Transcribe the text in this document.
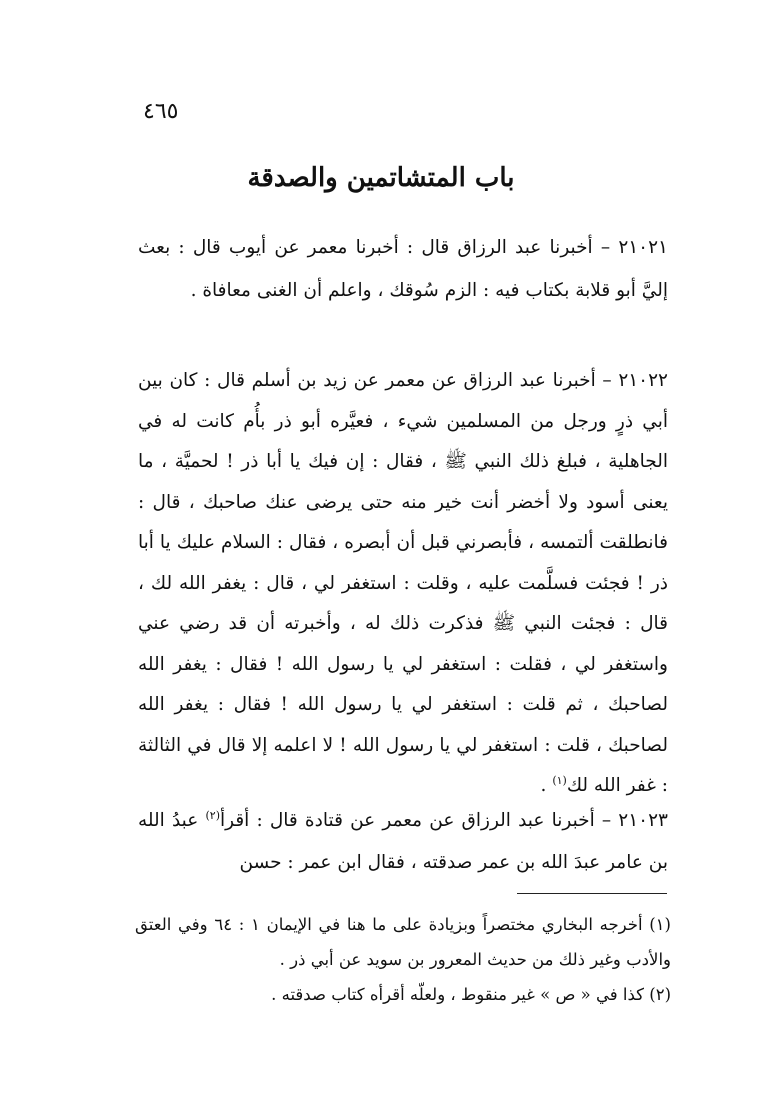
٤٦٥
باب المتشاتمين والصدقة

٢١٠٢١ – أخبرنا عبد الرزاق قال : أخبرنا معمر عن أيوب قال : بعث إليَّ أبو قلابة بكتاب فيه : الزم سُوقك ، واعلم أن الغنى معافاة .

٢١٠٢٢ – أخبرنا عبد الرزاق عن معمر عن زيد بن أسلم قال : كان بين أبي ذرٍ ورجل من المسلمين شيء ، فعيَّره أبو ذر بأُم كانت له في الجاهلية ، فبلغ ذلك النبي ﷺ ، فقال : إن فيك يا أبا ذر ! لحميَّة ، ما يعنى أسود ولا أخضر أنت خير منه حتى يرضى عنك صاحبك ، قال : فانطلقت ألتمسه ، فأبصرني قبل أن أبصره ، فقال : السلام عليك يا أبا ذر ! فجئت فسلَّمت عليه ، وقلت : استغفر لي ، قال : يغفر الله لك ، قال : فجئت النبي ﷺ فذكرت ذلك له ، وأخبرته أن قد رضي عني واستغفر لي ، فقلت : استغفر لي يا رسول الله ! فقال : يغفر الله لصاحبك ، ثم قلت : استغفر لي يا رسول الله ! فقال : يغفر الله لصاحبك ، قلت : استغفر لي يا رسول الله ! لا اعلمه إلا قال في الثالثة : غفر الله لك$^{(١)}$ .

٢١٠٢٣ – أخبرنا عبد الرزاق عن معمر عن قتادة قال : أقرأ$^{(٢)}$ عبدُ الله بن عامر عبدَ الله بن عمر صدقته ، فقال ابن عمر : حسن

(١) أخرجه البخاري مختصراً وبزيادة على ما هنا في الإيمان ١ : ٦٤ وفي العتق والأدب وغير ذلك من حديث المعرور بن سويد عن أبي ذر .

(٢) كذا في « ص » غير منقوط ، ولعلّه أقرأه كتاب صدقته .
